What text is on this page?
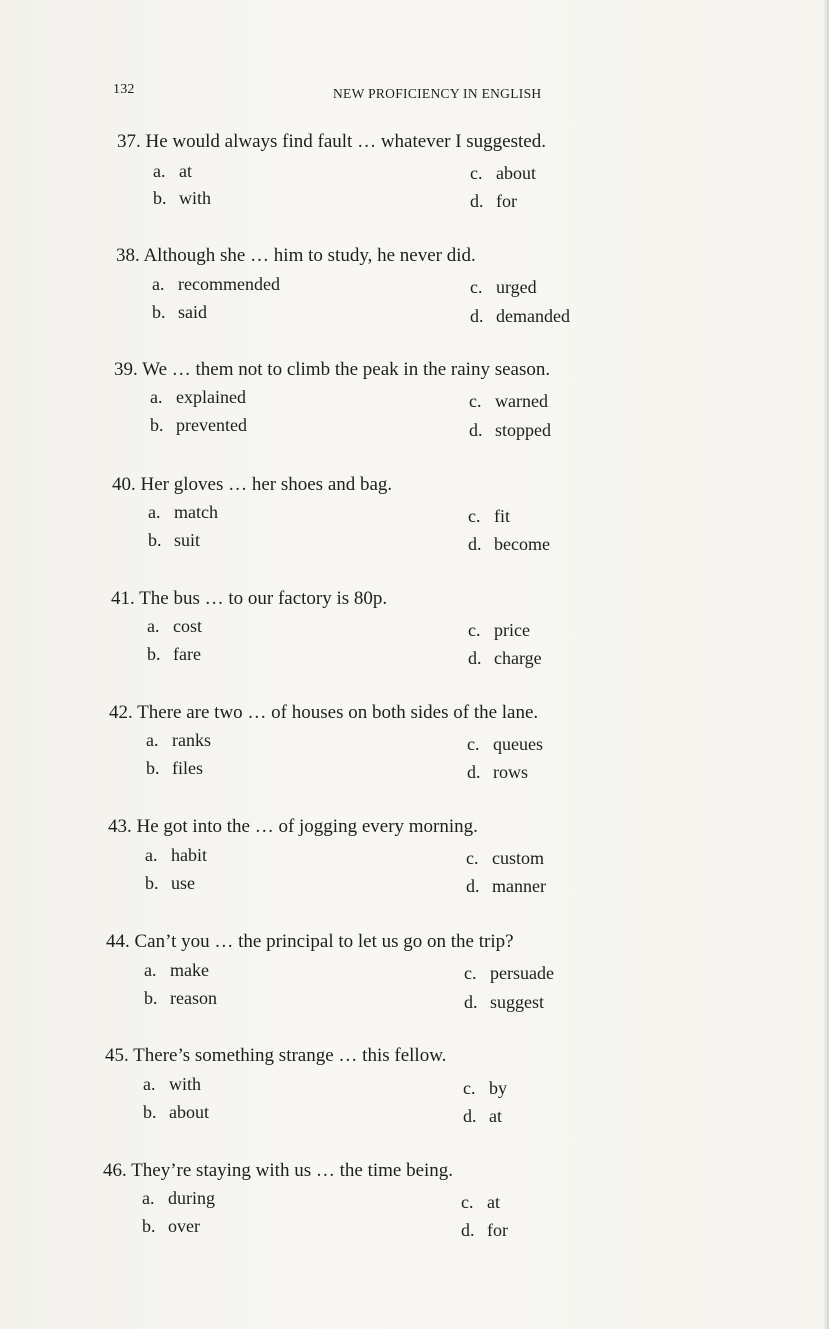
132	NEW PROFICIENCY IN ENGLISH
37. He would always find fault … whatever I suggested.
a. at
b. with
c. about
d. for
38. Although she … him to study, he never did.
a. recommended
b. said
c. urged
d. demanded
39. We … them not to climb the peak in the rainy season.
a. explained
b. prevented
c. warned
d. stopped
40. Her gloves … her shoes and bag.
a. match
b. suit
c. fit
d. become
41. The bus … to our factory is 80p.
a. cost
b. fare
c. price
d. charge
42. There are two … of houses on both sides of the lane.
a. ranks
b. files
c. queues
d. rows
43. He got into the … of jogging every morning.
a. habit
b. use
c. custom
d. manner
44. Can’t you … the principal to let us go on the trip?
a. make
b. reason
c. persuade
d. suggest
45. There’s something strange … this fellow.
a. with
b. about
c. by
d. at
46. They’re staying with us … the time being.
a. during
b. over
c. at
d. for
